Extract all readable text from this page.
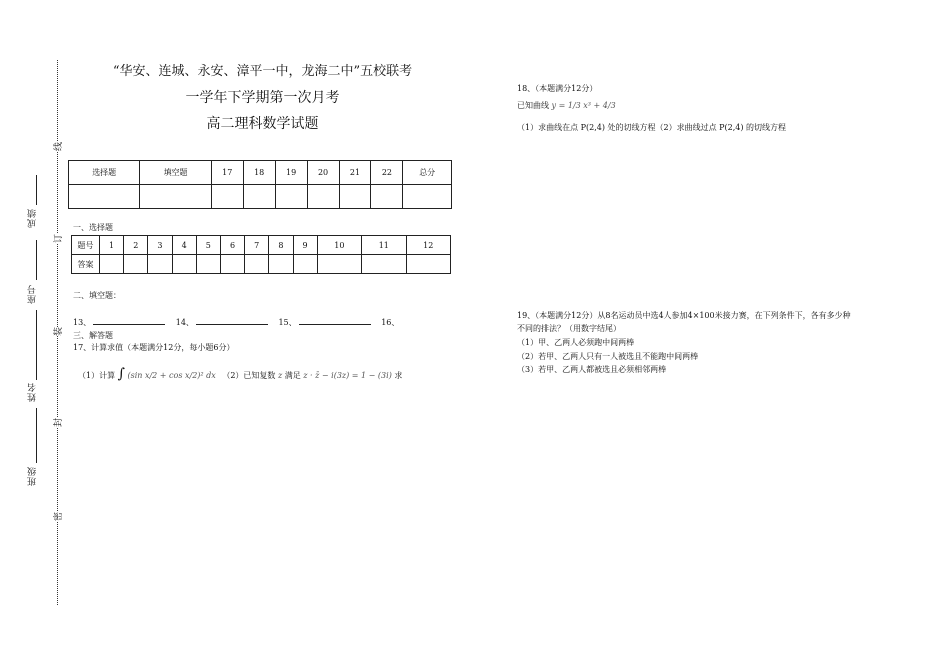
成绩
座号
姓名
班级
线
订
装
封
密
“华安、连城、永安、漳平一中，龙海二中”五校联考
一学年下学期第一次月考
高二理科数学试题
选择题	填空题	17	18	19	20	21	22	总分

一、选择题
题号	1	2	3	4	5	6	7	8	9	10	11	12
答案												
二、填空题：
13、	14、	15、	16、
三、解答题
17、计算求值（本题满分12分，每小题6分）
（1）计算 ∫ (sin x/2 + cos x/2)² dx （2）已知复数 z 满足 z · z̄ − i(3z) = 1 − (3i) 求
18、（本题满分12分）
已知曲线 y = 1/3 x³ + 4/3
（1）求曲线在点 P(2,4) 处的切线方程（2）求曲线过点 P(2,4) 的切线方程
19、（本题满分12分）从8名运动员中选4人参加4×100米接力赛，在下列条件下，各有多少种
不同的排法？（用数字结尾）
（1）甲、乙两人必须跑中间两棒
（2）若甲、乙两人只有一人被选且不能跑中间两棒
（3）若甲、乙两人都被选且必须相邻两棒
